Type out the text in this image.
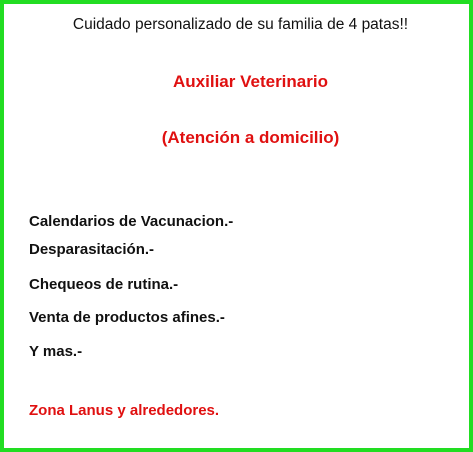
Cuidado personalizado de su familia de 4 patas!!
Auxiliar Veterinario
(Atención a domicilio)
Calendarios de Vacunacion.-
Desparasitación.-
Chequeos de rutina.-
Venta de productos afines.-
Y mas.-
Zona Lanus y alrededores.
